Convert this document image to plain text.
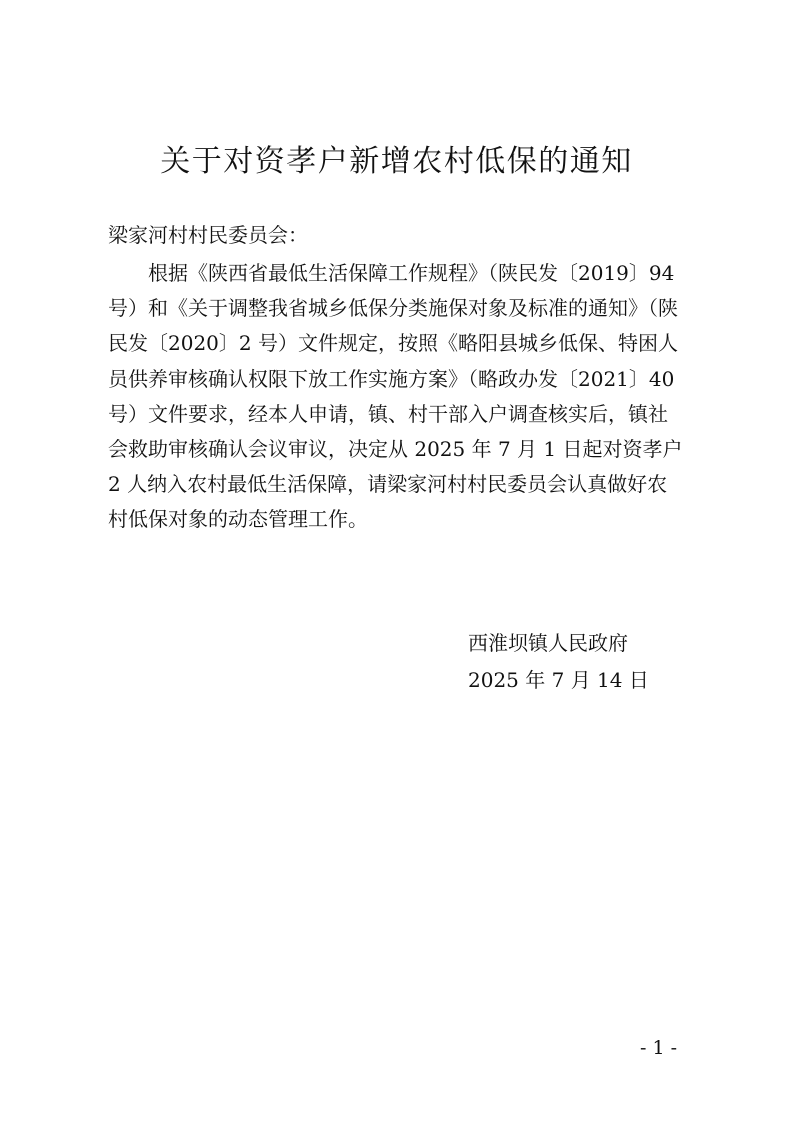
关于对资孝户新增农村低保的通知

梁家河村村民委员会：

根据《陕西省最低生活保障工作规程》（陕民发〔2019〕94
号）和《关于调整我省城乡低保分类施保对象及标准的通知》（陕
民发〔2020〕2 号）文件规定，按照《略阳县城乡低保、特困人
员供养审核确认权限下放工作实施方案》（略政办发〔2021〕40
号）文件要求，经本人申请，镇、村干部入户调查核实后，镇社
会救助审核确认会议审议，决定从 2025 年 7 月 1 日起对资孝户
2 人纳入农村最低生活保障，请梁家河村村民委员会认真做好农
村低保对象的动态管理工作。
西淮坝镇人民政府
2025 年 7 月 14 日
- 1 -
